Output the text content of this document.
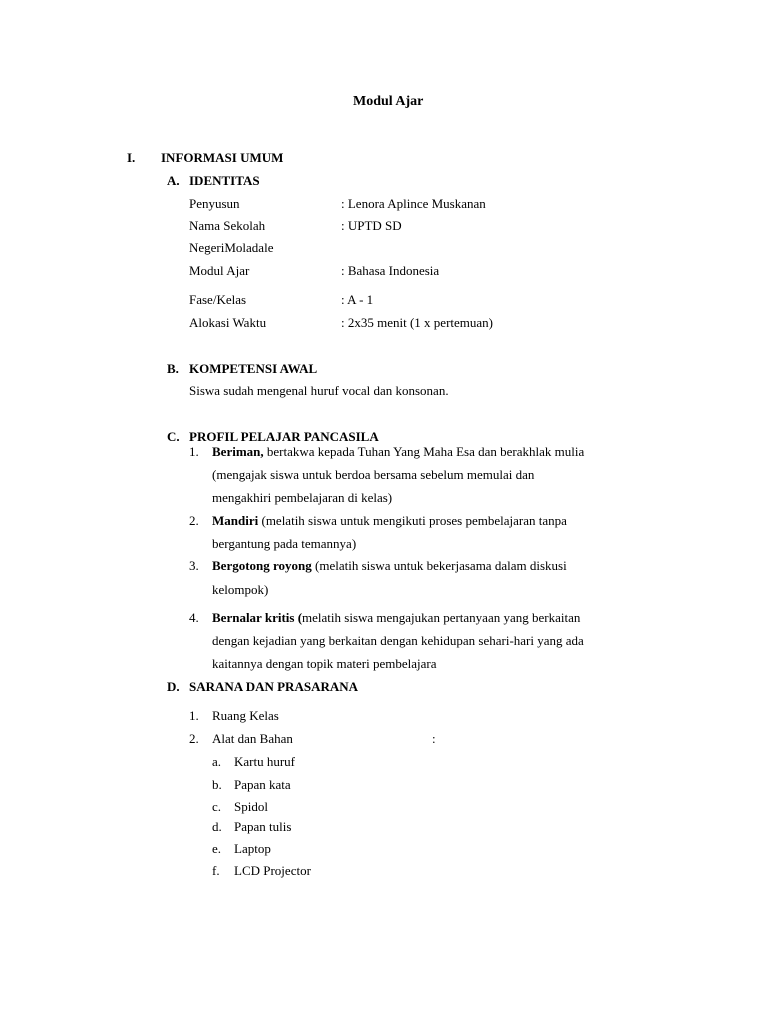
Modul Ajar
I. INFORMASI UMUM
A. IDENTITAS
Penyusun	: Lenora Aplince Muskanan
Nama Sekolah	: UPTD SD
NegeriMoladale
Modul Ajar	: Bahasa Indonesia
Fase/Kelas	: A - 1
Alokasi Waktu	: 2x35 menit (1 x pertemuan)
B. KOMPETENSI AWAL
Siswa sudah mengenal huruf vocal dan konsonan.
C. PROFIL PELAJAR PANCASILA
1. Beriman, bertakwa kepada Tuhan Yang Maha Esa dan berakhlak mulia
(mengajak siswa untuk berdoa bersama sebelum memulai dan
mengakhiri pembelajaran di kelas)
2. Mandiri (melatih siswa untuk mengikuti proses pembelajaran tanpa
bergantung pada temannya)
3. Bergotong royong (melatih siswa untuk bekerjasama dalam diskusi
kelompok)
4. Bernalar kritis (melatih siswa mengajukan pertanyaan yang berkaitan
dengan kejadian yang berkaitan dengan kehidupan sehari-hari yang ada
kaitannya dengan topik materi pembelajara
D. SARANA DAN PRASARANA
1. Ruang Kelas
2. Alat dan Bahan	:
a. Kartu huruf
b. Papan kata
c. Spidol
d. Papan tulis
e. Laptop
f. LCD Projector
